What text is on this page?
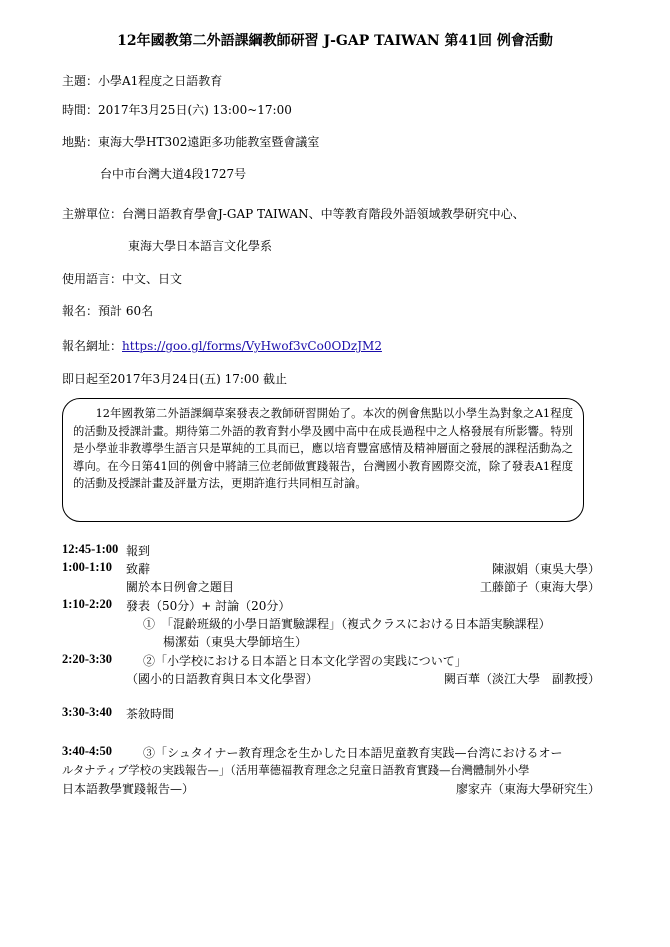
12年國教第二外語課綱教師研習 J-GAP TAIWAN 第41回 例會活動
主題：小學A1程度之日語教育
時間：2017年3月25日(六) 13:00~17:00
地點：東海大學HT302遠距多功能教室暨會議室
台中市台灣大道4段1727号
主辦單位：台灣日語教育學會J-GAP TAIWAN、中等教育階段外語領域教學研究中心、
東海大學日本語言文化學系
使用語言：中文、日文
報名：預計 60名
報名網址：https://goo.gl/forms/VyHwof3vCo0ODzJM2
即日起至2017年3月24日(五) 17:00 截止

12年國教第二外語課綱草案發表之教師研習開始了。本次的例會焦點以小學生為對象之A1程度的活動及授課計畫。期待第二外語的教育對小學及國中高中在成長過程中之人格發展有所影響。特別是小學並非教導學生語言只是單純的工具而已，應以培育豐富感情及精神層面之發展的課程活動為之導向。在今日第41回的例會中將請三位老師做實踐報告，台灣國小教育國際交流，除了發表A1程度的活動及授課計畫及評量方法，更期許進行共同相互討論。

12:45-1:00 報到
1:00-1:10 致辭	陳淑娟（東吳大學）
關於本日例會之題目	工藤節子（東海大學）
1:10-2:20 發表（50分）+ 討論（20分）
①　「混齡班級的小學日語實驗課程」（複式クラスにおける日本語実験課程）
楊潔茹（東吳大學師培生）
2:20-3:30	②「小学校における日本語と日本文化学習の実践について」
（國小的日語教育與日本文化學習）	闕百華（淡江大學　副教授）
3:30-3:40 茶敘時間
3:40-4:50	③「シュタイナー教育理念を生かした日本語児童教育実践—台湾におけるオー
ルタナティブ学校の実践報告—」（活用華德福教育理念之兒童日語教育實踐—台灣體制外小學
日本語教學實踐報告—）	廖家卉（東海大學研究生）
